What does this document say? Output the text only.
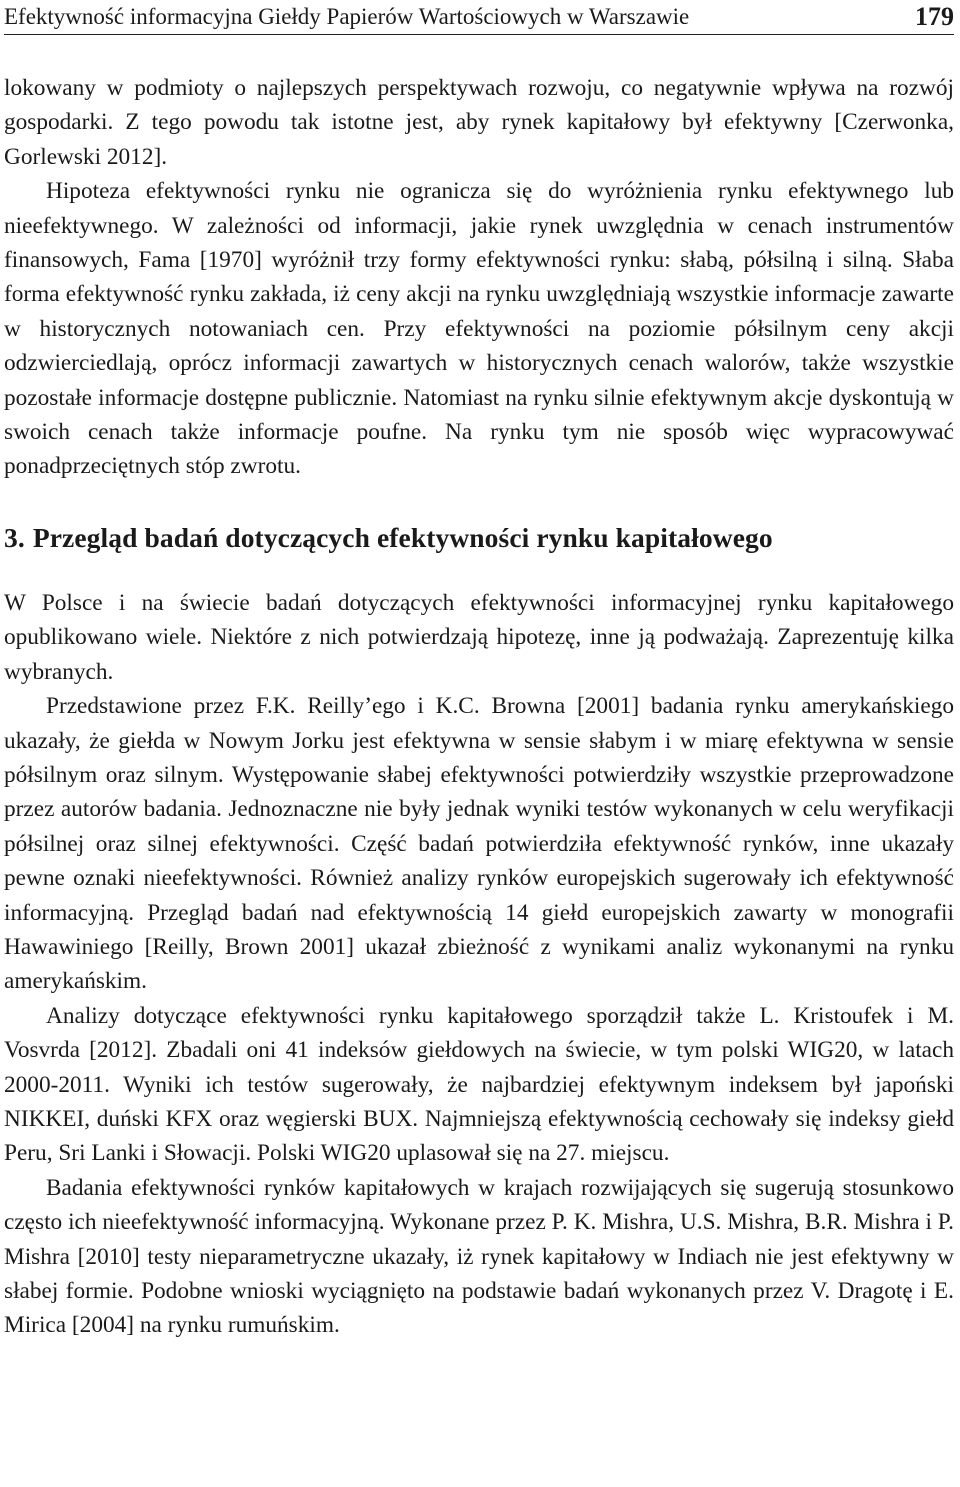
Efektywność informacyjna Giełdy Papierów Wartościowych w Warszawie	179

lokowany w podmioty o najlepszych perspektywach rozwoju, co negatywnie wpływa na rozwój gospodarki. Z tego powodu tak istotne jest, aby rynek kapitałowy był efektywny [Czerwonka, Gorlewski 2012].

Hipoteza efektywności rynku nie ogranicza się do wyróżnienia rynku efektywnego lub nieefektywnego. W zależności od informacji, jakie rynek uwzględnia w cenach instrumentów finansowych, Fama [1970] wyróżnił trzy formy efektywności rynku: słabą, półsilną i silną. Słaba forma efektywność rynku zakłada, iż ceny akcji na rynku uwzględniają wszystkie informacje zawarte w historycznych notowaniach cen. Przy efektywności na poziomie półsilnym ceny akcji odzwierciedlają, oprócz informacji zawartych w historycznych cenach walorów, także wszystkie pozostałe informacje dostępne publicznie. Natomiast na rynku silnie efektywnym akcje dyskontują w swoich cenach także informacje poufne. Na rynku tym nie sposób więc wypracowywać ponadprzeciętnych stóp zwrotu.

3. Przegląd badań dotyczących efektywności rynku kapitałowego

W Polsce i na świecie badań dotyczących efektywności informacyjnej rynku kapitałowego opublikowano wiele. Niektóre z nich potwierdzają hipotezę, inne ją podważają. Zaprezentuję kilka wybranych.

Przedstawione przez F.K. Reilly’ego i K.C. Browna [2001] badania rynku amerykańskiego ukazały, że giełda w Nowym Jorku jest efektywna w sensie słabym i w miarę efektywna w sensie półsilnym oraz silnym. Występowanie słabej efektywności potwierdziły wszystkie przeprowadzone przez autorów badania. Jednoznaczne nie były jednak wyniki testów wykonanych w celu weryfikacji półsilnej oraz silnej efektywności. Część badań potwierdziła efektywność rynków, inne ukazały pewne oznaki nieefektywności. Również analizy rynków europejskich sugerowały ich efektywność informacyjną. Przegląd badań nad efektywnością 14 giełd europejskich zawarty w monografii Hawawiniego [Reilly, Brown 2001] ukazał zbieżność z wynikami analiz wykonanymi na rynku amerykańskim.

Analizy dotyczące efektywności rynku kapitałowego sporządził także L. Kristoufek i M. Vosvrda [2012]. Zbadali oni 41 indeksów giełdowych na świecie, w tym polski WIG20, w latach 2000-2011. Wyniki ich testów sugerowały, że najbardziej efektywnym indeksem był japoński NIKKEI, duński KFX oraz węgierski BUX. Najmniejszą efektywnością cechowały się indeksy giełd Peru, Sri Lanki i Słowacji. Polski WIG20 uplasował się na 27. miejscu.

Badania efektywności rynków kapitałowych w krajach rozwijających się sugerują stosunkowo często ich nieefektywność informacyjną. Wykonane przez P. K. Mishra, U.S. Mishra, B.R. Mishra i P. Mishra [2010] testy nieparametryczne ukazały, iż rynek kapitałowy w Indiach nie jest efektywny w słabej formie. Podobne wnioski wyciągnięto na podstawie badań wykonanych przez V. Dragotę i E. Mirica [2004] na rynku rumuńskim.
